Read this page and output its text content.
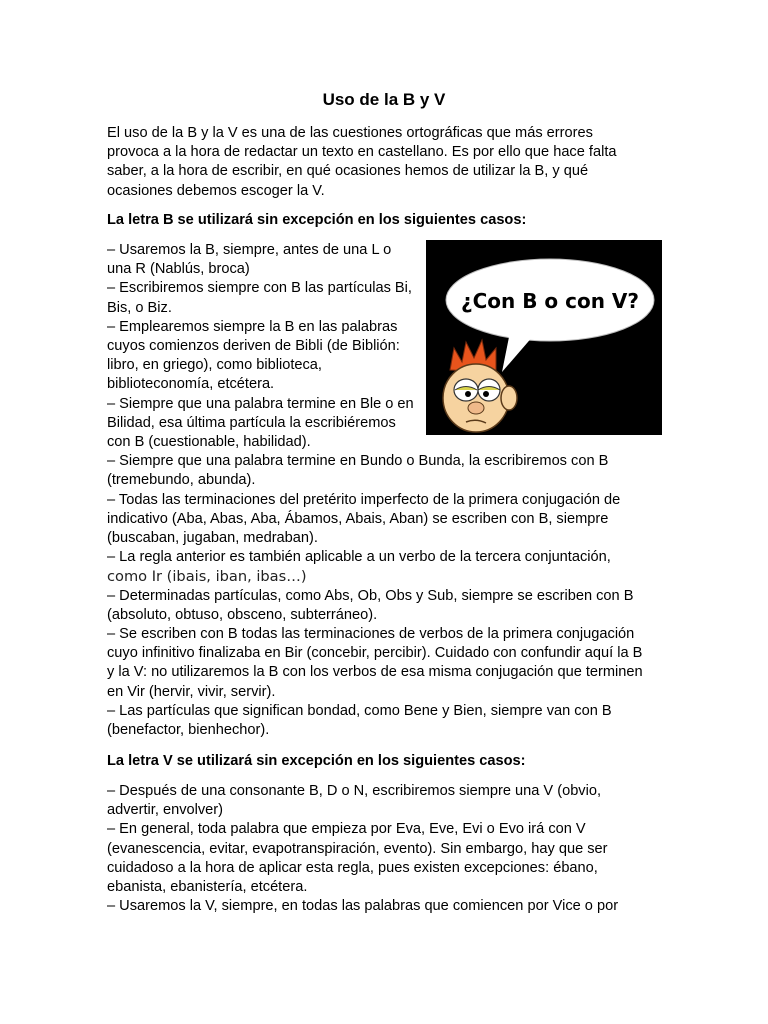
Uso de la B y V

El uso de la B y la V es una de las cuestiones ortográficas que más errores

provoca a la hora de redactar un texto en castellano. Es por ello que hace falta

saber, a la hora de escribir, en qué ocasiones hemos de utilizar la B, y qué

ocasiones debemos escoger la V.

La letra B se utilizará sin excepción en los siguientes casos:

– Usaremos la B, siempre, antes de una L o

una R (Nablús, broca)

– Escribiremos siempre con B las partículas Bi,

Bis, o Biz.

– Emplearemos siempre la B en las palabras

cuyos comienzos deriven de Bibli (de Biblión:

libro, en griego), como biblioteca,

biblioteconomía, etcétera.

– Siempre que una palabra termine en Ble o en

Bilidad, esa última partícula la escribiéremos

con B (cuestionable, habilidad).

– Siempre que una palabra termine en Bundo o Bunda, la escribiremos con B

(tremebundo, abunda).

– Todas las terminaciones del pretérito imperfecto de la primera conjugación de

indicativo (Aba, Abas, Aba, Ábamos, Abais, Aban) se escriben con B, siempre

(buscaban, jugaban, medraban).

– La regla anterior es también aplicable a un verbo de la tercera conjuntación,

como Ir (ibais, iban, ibas…)

– Determinadas partículas, como Abs, Ob, Obs y Sub, siempre se escriben con B

(absoluto, obtuso, obsceno, subterráneo).

– Se escriben con B todas las terminaciones de verbos de la primera conjugación

cuyo infinitivo finalizaba en Bir (concebir, percibir). Cuidado con confundir aquí la B

y la V: no utilizaremos la B con los verbos de esa misma conjugación que terminen

en Vir (hervir, vivir, servir).

– Las partículas que significan bondad, como Bene y Bien, siempre van con B

(benefactor, bienhechor).

La letra V se utilizará sin excepción en los siguientes casos:

– Después de una consonante B, D o N, escribiremos siempre una V (obvio,

advertir, envolver)

– En general, toda palabra que empieza por Eva, Eve, Evi o Evo irá con V

(evanescencia, evitar, evapotranspiración, evento). Sin embargo, hay que ser

cuidadoso a la hora de aplicar esta regla, pues existen excepciones: ébano,

ebanista, ebanistería, etcétera.

– Usaremos la V, siempre, en todas las palabras que comiencen por Vice o por

¿Con B o con V?
